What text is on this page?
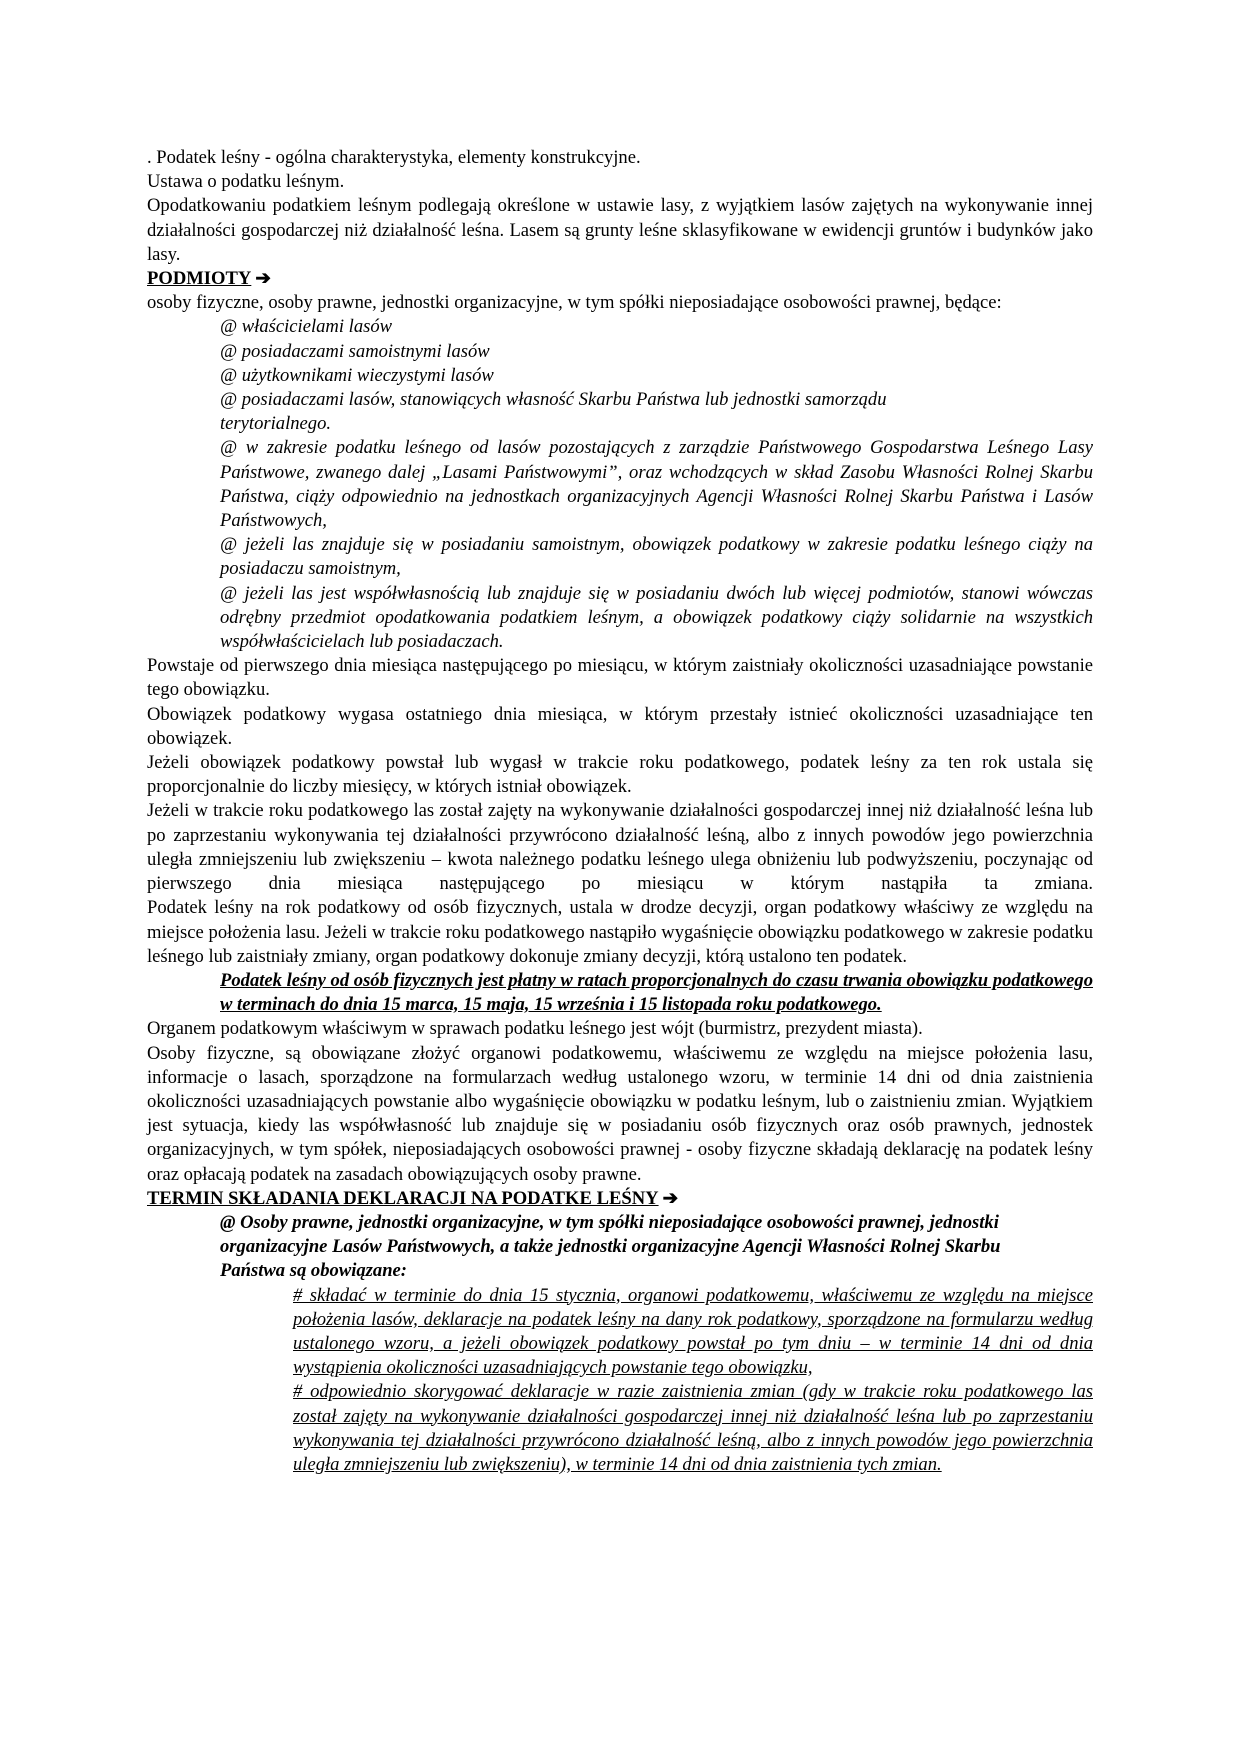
. Podatek leśny - ogólna charakterystyka, elementy konstrukcyjne.

Ustawa o podatku leśnym.

Opodatkowaniu podatkiem leśnym podlegają określone w ustawie lasy, z wyjątkiem lasów zajętych na wykonywanie innej działalności gospodarczej niż działalność leśna. Lasem są grunty leśne sklasyfikowane w ewidencji gruntów i budynków jako lasy.

PODMIOTY ➔

osoby fizyczne, osoby prawne, jednostki organizacyjne, w tym spółki nieposiadające osobowości prawnej, będące:

@ właścicielami lasów

@ posiadaczami samoistnymi lasów

@ użytkownikami wieczystymi lasów

@ posiadaczami lasów, stanowiących własność Skarbu Państwa lub jednostki samorządu terytorialnego.

@ w zakresie podatku leśnego od lasów pozostających z zarządzie Państwowego Gospodarstwa Leśnego Lasy Państwowe, zwanego dalej „Lasami Państwowymi”, oraz wchodzących w skład Zasobu Własności Rolnej Skarbu Państwa, ciąży odpowiednio na jednostkach organizacyjnych Agencji Własności Rolnej Skarbu Państwa i Lasów Państwowych,

@ jeżeli las znajduje się w posiadaniu samoistnym, obowiązek podatkowy w zakresie podatku leśnego ciąży na posiadaczu samoistnym,

@ jeżeli las jest współwłasnością lub znajduje się w posiadaniu dwóch lub więcej podmiotów, stanowi wówczas odrębny przedmiot opodatkowania podatkiem leśnym, a obowiązek podatkowy ciąży solidarnie na wszystkich współwłaścicielach lub posiadaczach.

Powstaje od pierwszego dnia miesiąca następującego po miesiącu, w którym zaistniały okoliczności uzasadniające powstanie tego obowiązku.

Obowiązek podatkowy wygasa ostatniego dnia miesiąca, w którym przestały istnieć okoliczności uzasadniające ten obowiązek.

Jeżeli obowiązek podatkowy powstał lub wygasł w trakcie roku podatkowego, podatek leśny za ten rok ustala się proporcjonalnie do liczby miesięcy, w których istniał obowiązek.

Jeżeli w trakcie roku podatkowego las został zajęty na wykonywanie działalności gospodarczej innej niż działalność leśna lub po zaprzestaniu wykonywania tej działalności przywrócono działalność leśną, albo z innych powodów jego powierzchnia uległa zmniejszeniu lub zwiększeniu – kwota należnego podatku leśnego ulega obniżeniu lub podwyższeniu, poczynając od pierwszego dnia miesiąca następującego po miesiącu w którym nastąpiła ta zmiana.

Podatek leśny na rok podatkowy od osób fizycznych, ustala w drodze decyzji, organ podatkowy właściwy ze względu na miejsce położenia lasu. Jeżeli w trakcie roku podatkowego nastąpiło wygaśnięcie obowiązku podatkowego w zakresie podatku leśnego lub zaistniały zmiany, organ podatkowy dokonuje zmiany decyzji, którą ustalono ten podatek.

Podatek leśny od osób fizycznych jest płatny w ratach proporcjonalnych do czasu trwania obowiązku podatkowego w terminach do dnia 15 marca, 15 maja, 15 września i 15 listopada roku podatkowego.

Organem podatkowym właściwym w sprawach podatku leśnego jest wójt (burmistrz, prezydent miasta).

Osoby fizyczne, są obowiązane złożyć organowi podatkowemu, właściwemu ze względu na miejsce położenia lasu, informacje o lasach, sporządzone na formularzach według ustalonego wzoru, w terminie 14 dni od dnia zaistnienia okoliczności uzasadniających powstanie albo wygaśnięcie obowiązku w podatku leśnym, lub o zaistnieniu zmian. Wyjątkiem jest sytuacja, kiedy las współwłasność lub znajduje się w posiadaniu osób fizycznych oraz osób prawnych, jednostek organizacyjnych, w tym spółek, nieposiadających osobowości prawnej - osoby fizyczne składają deklarację na podatek leśny oraz opłacają podatek na zasadach obowiązujących osoby prawne.

TERMIN SKŁADANIA DEKLARACJI NA PODATKE LEŚNY ➔

@ Osoby prawne, jednostki organizacyjne, w tym spółki nieposiadające osobowości prawnej, jednostki organizacyjne Lasów Państwowych, a także jednostki organizacyjne Agencji Własności Rolnej Skarbu Państwa są obowiązane:

# składać w terminie do dnia 15 stycznia, organowi podatkowemu, właściwemu ze względu na miejsce położenia lasów, deklaracje na podatek leśny na dany rok podatkowy, sporządzone na formularzu według ustalonego wzoru, a jeżeli obowiązek podatkowy powstał po tym dniu – w terminie 14 dni od dnia wystąpienia okoliczności uzasadniających powstanie tego obowiązku,

# odpowiednio skorygować deklaracje w razie zaistnienia zmian (gdy w trakcie roku podatkowego las został zajęty na wykonywanie działalności gospodarczej innej niż działalność leśna lub po zaprzestaniu wykonywania tej działalności przywrócono działalność leśną, albo z innych powodów jego powierzchnia uległa zmniejszeniu lub zwiększeniu), w terminie 14 dni od dnia zaistnienia tych zmian.
